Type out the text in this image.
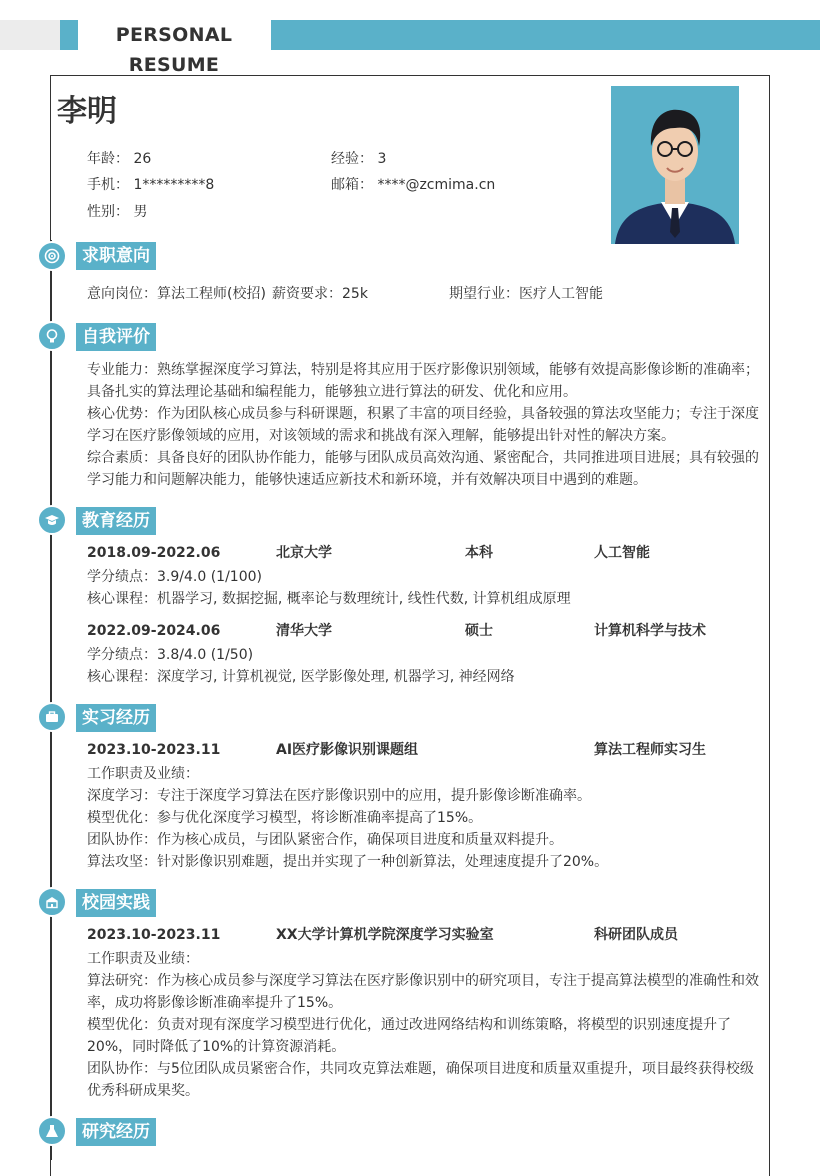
PERSONAL RESUME
李明
年龄： 26	经验： 3
手机： 1*********8	邮箱： ****@zcmima.cn
性别： 男
求职意向
意向岗位：算法工程师(校招) 薪资要求：25k	期望行业：医疗人工智能
自我评价
专业能力：熟练掌握深度学习算法，特别是将其应用于医疗影像识别领域，能够有效提高影像诊断的准确率；具备扎实的算法理论基础和编程能力，能够独立进行算法的研发、优化和应用。
核心优势：作为团队核心成员参与科研课题，积累了丰富的项目经验，具备较强的算法攻坚能力；专注于深度学习在医疗影像领域的应用，对该领域的需求和挑战有深入理解，能够提出针对性的解决方案。
综合素质：具备良好的团队协作能力，能够与团队成员高效沟通、紧密配合，共同推进项目进展；具有较强的学习能力和问题解决能力，能够快速适应新技术和新环境，并有效解决项目中遇到的难题。
教育经历
2018.09-2022.06	北京大学	本科	人工智能
学分绩点：3.9/4.0 (1/100)
核心课程：机器学习, 数据挖掘, 概率论与数理统计, 线性代数, 计算机组成原理
2022.09-2024.06	清华大学	硕士	计算机科学与技术
学分绩点：3.8/4.0 (1/50)
核心课程：深度学习, 计算机视觉, 医学影像处理, 机器学习, 神经网络
实习经历
2023.10-2023.11	AI医疗影像识别课题组	算法工程师实习生
工作职责及业绩：
深度学习：专注于深度学习算法在医疗影像识别中的应用，提升影像诊断准确率。
模型优化：参与优化深度学习模型，将诊断准确率提高了15%。
团队协作：作为核心成员，与团队紧密合作，确保项目进度和质量双料提升。
算法攻坚：针对影像识别难题，提出并实现了一种创新算法，处理速度提升了20%。
校园实践
2023.10-2023.11	XX大学计算机学院深度学习实验室	科研团队成员
工作职责及业绩：
算法研究：作为核心成员参与深度学习算法在医疗影像识别中的研究项目，专注于提高算法模型的准确性和效率，成功将影像诊断准确率提升了15%。
模型优化：负责对现有深度学习模型进行优化，通过改进网络结构和训练策略，将模型的识别速度提升了20%，同时降低了10%的计算资源消耗。
团队协作：与5位团队成员紧密合作，共同攻克算法难题，确保项目进度和质量双重提升，项目最终获得校级优秀科研成果奖。
研究经历
